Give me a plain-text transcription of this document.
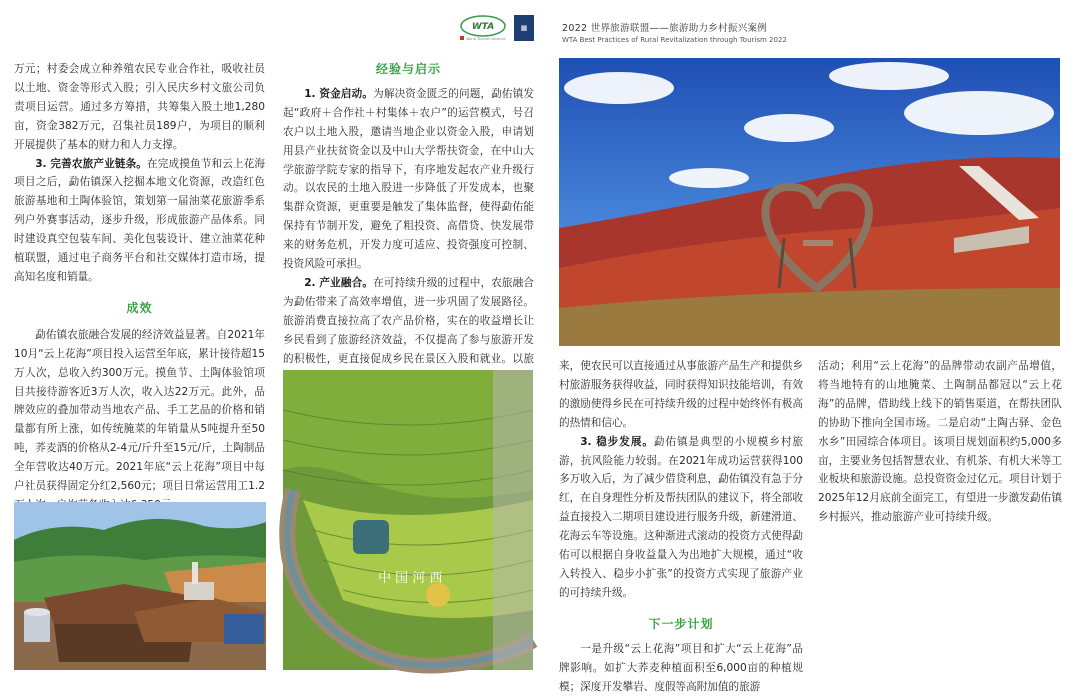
WTA
World Tourism Alliance
▦	2022 世界旅游联盟——旅游助力乡村振兴案例
WTA Best Practices of Rural Revitalization through Tourism 2022

万元；村委会成立种养殖农民专业合作社，吸收社员以土地、资金等形式入股；引入民庆乡村文旅公司负责项目运营。通过多方筹措，共筹集入股土地1,280亩，资金382万元，召集社员189户，为项目的顺利开展提供了基本的财力和人力支撑。

3. 完善农旅产业链条。在完成摸鱼节和云上花海项目之后，勐佑镇深入挖掘本地文化资源，改造红色旅游基地和土陶体验馆，策划第一届油菜花旅游季系列户外赛事活动，逐步升级，形成旅游产品体系。同时建设真空包装车间、美化包装设计、建立油菜花种植联盟，通过电子商务平台和社交媒体打造市场，提高知名度和销量。

成效

勐佑镇农旅融合发展的经济效益显著。自2021年10月“云上花海”项目投入运营至年底，累计接待超15万人次，总收入约300万元。摸鱼节、土陶体验馆项目共接待游客近3万人次，收入达22万元。此外，品牌效应的叠加带动当地农产品、手工艺品的价格和销量都有所上涨，如传统腌菜的年销量从5吨提升至50吨，荞麦酒的价格从2-4元/斤升至15元/斤，土陶制品全年营收达40万元。2021年底“云上花海”项目中每户社员获得固定分红2,560元；项目日常运营用工1.2

经验与启示

1. 资金启动。为解决资金匮乏的问题，勐佑镇发起“政府＋合作社＋村集体＋农户”的运营模式，号召农户以土地入股，邀请当地企业以资金入股，申请划用县产业扶贫资金以及中山大学帮扶资金，在中山大学旅游学院专家的指导下，有序地发起农产业升级行动。以农民的土地入股进一步降低了开发成本，也聚集群众资源，更重要是触发了集体监督，使得勐佑能保持有节制开发，避免了粗投资、高借贷、快发展带来的财务危机，开发力度可适应、投资强度可控制、投资风险可承担。

2. 产业融合。在可持续升级的过程中，农旅融合为勐佑带来了高效率增值，进一步巩固了发展路径。旅游消费直接拉高了农产品价格，实在的收益增长让乡民看到了旅游经济效益，不仅提高了参与旅游开发的积极性，更直接促成乡民在景区入股和就业。以旅

中 国 河 西

来，使农民可以直接通过从事旅游产品生产和提供乡村旅游服务获得收益，同时获得知识技能培训，有效的激励使得乡民在可持续升级的过程中始终怀有极高的热情和信心。

3. 稳步发展。勐佑镇是典型的小规模乡村旅游，抗风险能力较弱。在2021年成功运营获得100多万收入后，为了减少借贷利息，勐佑镇没有急于分红，在自身理性分析及帮扶团队的建议下，将全部收益直接投入二期项目建设进行服务升级，新建滑道、花海云车等设施。这种渐进式滚动的投资方式使得勐佑可以根据自身收益量入为出地扩大规模，通过“收入转投入、稳步小扩张”的投资方式实现了旅游产业的可持续升级。

下一步计划

一是升级“云上花海”项目和扩大“云上花海”品牌影响。如扩大荞麦种植面积至6,000亩的种植规模；深度开发攀岩、度假等高附加值的旅游

活动；利用“云上花海”的品牌带动农副产品增值，将当地特有的山地腌菜、土陶制品都冠以“云上花海”的品牌，借助线上线下的销售渠道，在帮扶团队的协助下推向全国市场。二是启动“土陶古驿、金色水乡”田园综合体项目。该项目规划面积约5,000多亩，主要业务包括智慧农业、有机茶、有机大米等工业板块和旅游设施。总投资资金过亿元。项目计划于2025年12月底前全面完工，有望进一步激发勐佑镇乡村振兴，推动旅游产业可持续升级。
